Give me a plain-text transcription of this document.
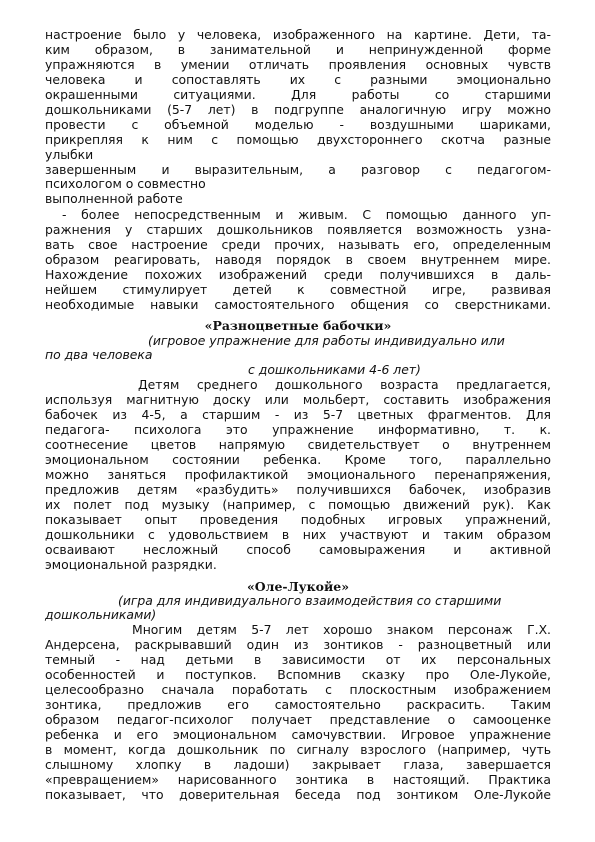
настроение было у человека, изображенного на картине. Дети, та-
ким образом, в занимательной и непринужденной форме
упражняются в умении отличать проявления основных чувств
человека и сопоставлять их с разными эмоционально
окрашенными ситуациями. Для работы со старшими
дошкольниками (5-7 лет) в подгруппе аналогичную игру можно
провести с объемной моделью - воздушными шариками,
прикрепляя к ним с помощью двухстороннего скотча разные
улыбки
завершенным и выразительным, а разговор с педагогом-
психологом о совместно
выполненной работе
- более непосредственным и живым. С помощью данного уп-
ражнения у старших дошкольников появляется возможность узна-
вать свое настроение среди прочих, называть его, определенным
образом реагировать, наводя порядок в своем внутреннем мире.
Нахождение похожих изображений среди получившихся в даль-
нейшем стимулирует детей к совместной игре, развивая
необходимые навыки самостоятельного общения со сверстниками.
«Разноцветные бабочки»
(игровое упражнение для работы индивидуально или
по два человека
с дошкольниками 4-6 лет)
Детям среднего дошкольного возраста предлагается,
используя магнитную доску или мольберт, составить изображения
бабочек из 4-5, а старшим - из 5-7 цветных фрагментов. Для
педагога- психолога это упражнение информативно, т. к.
соотнесение цветов напрямую свидетельствует о внутреннем
эмоциональном состоянии ребенка. Кроме того, параллельно
можно заняться профилактикой эмоционального перенапряжения,
предложив детям «разбудить» получившихся бабочек, изобразив
их полет под музыку (например, с помощью движений рук). Как
показывает опыт проведения подобных игровых упражнений,
дошкольники с удовольствием в них участвуют и таким образом
осваивают несложный способ самовыражения и активной
эмоциональной разрядки.
«Оле-Лукойе»
(игра для индивидуального взаимодействия со старшими
дошкольниками)
Многим детям 5-7 лет хорошо знаком персонаж Г.Х.
Андерсена, раскрывавший один из зонтиков - разноцветный или
темный - над детьми в зависимости от их персональных
особенностей и поступков. Вспомнив сказку про Оле-Лукойе,
целесообразно сначала поработать с плоскостным изображением
зонтика, предложив его самостоятельно раскрасить. Таким
образом педагог-психолог получает представление о самооценке
ребенка и его эмоциональном самочувствии. Игровое упражнение
в момент, когда дошкольник по сигналу взрослого (например, чуть
слышному хлопку в ладоши) закрывает глаза, завершается
«превращением» нарисованного зонтика в настоящий. Практика
показывает, что доверительная беседа под зонтиком Оле-Лукойе
